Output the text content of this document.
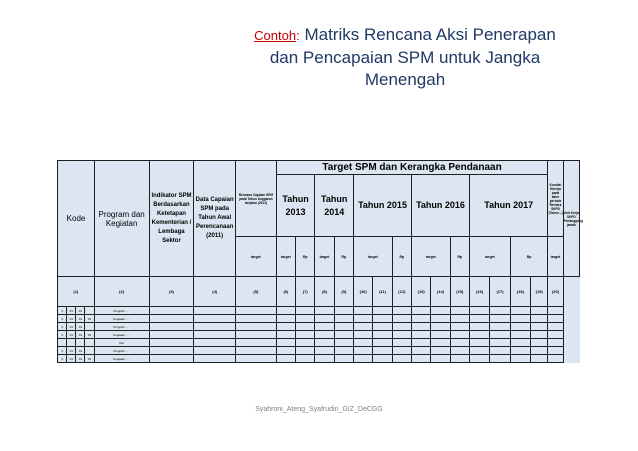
Contoh: Matriks Rencana Aksi Penerapan
dan Pencapaian SPM untuk Jangka
Menengah
	Kode			Program dan Kegiatan	Indikator SPM Berdasarkan Ketetapan Kementerian / Lembaga Sektor	Data Capaian SPM pada Tahun Awal Perencanaan (2011)	Rencana Capaian SPM pada Tahun Anggaran berjalan (2012)	Target SPM dan Kerangka Pendanaan														Kondisi Kinerja pada akhir periode Renstra SKPD (Tahun...)	Unit Kerja SKPD Penanggung jawab
								Tahun 2013		Tahun 2014		Tahun 2015			Tahun 2016			Tahun 2017					
							target	target	Rp	target	Rp	target		Rp	target		Rp	target		Rp		target	
(1)				(2)	(3)	(4)	(5)	(6)	(7)	(8)	(9)	(10)	(11)	(12)	(13)	(14)	(15)	(16)	(17)	(18)	(19)	(20)	
1	01	01		Program .....																			
1	01	01	01	Kegiatan .....																			
1	01	01		Program .....																			
1	01	01	01	Kegiatan .....																			
				Dst																			
1	01	01		Program .....																			
1	01	01	01	Kegiatan .....																			
Syahroni_Ateng_Syafrudin_GIZ_DeCGG
